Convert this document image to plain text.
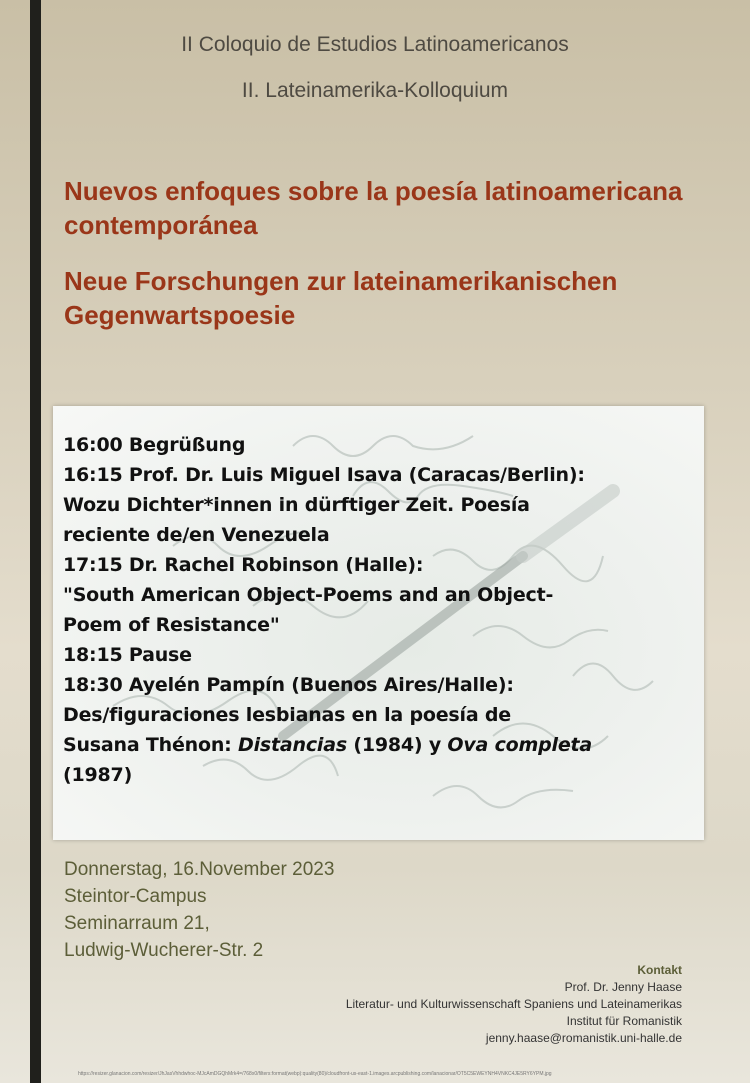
II Coloquio de Estudios Latinoamericanos
II. Lateinamerika-Kolloquium
Nuevos enfoques sobre la poesía latinoamericana contemporánea
Neue Forschungen zur lateinamerikanischen Gegenwartspoesie
16:00 Begrüßung
16:15 Prof. Dr. Luis Miguel Isava (Caracas/Berlin):
Wozu Dichter*innen in dürftiger Zeit. Poesía
reciente de/en Venezuela
17:15 Dr. Rachel Robinson (Halle):
"South American Object-Poems and an Object-
Poem of Resistance"
18:15 Pause
18:30 Ayelén Pampín (Buenos Aires/Halle):
Des/figuraciones lesbianas en la poesía de
Susana Thénon: Distancias (1984) y Ova completa
(1987)
Donnerstag, 16.November 2023
Steintor-Campus
Seminarraum 21,
Ludwig-Wucherer-Str. 2
Kontakt
Prof. Dr. Jenny Haase
Literatur- und Kulturwissenschaft Spaniens und Lateinamerikas
Institut für Romanistik
jenny.haase@romanistik.uni-halle.de
https://resizer.glanacion.com/resizer/JhJasVhhdwhoc-MJcAmDGQhMrk4=/768x0/filters:format(webp):quality(80)/cloudfront-us-east-1.images.arcpublishing.com/lanacionar/OT5C5EWEYNH4VNKC4JE5RY6YPM.jpg
